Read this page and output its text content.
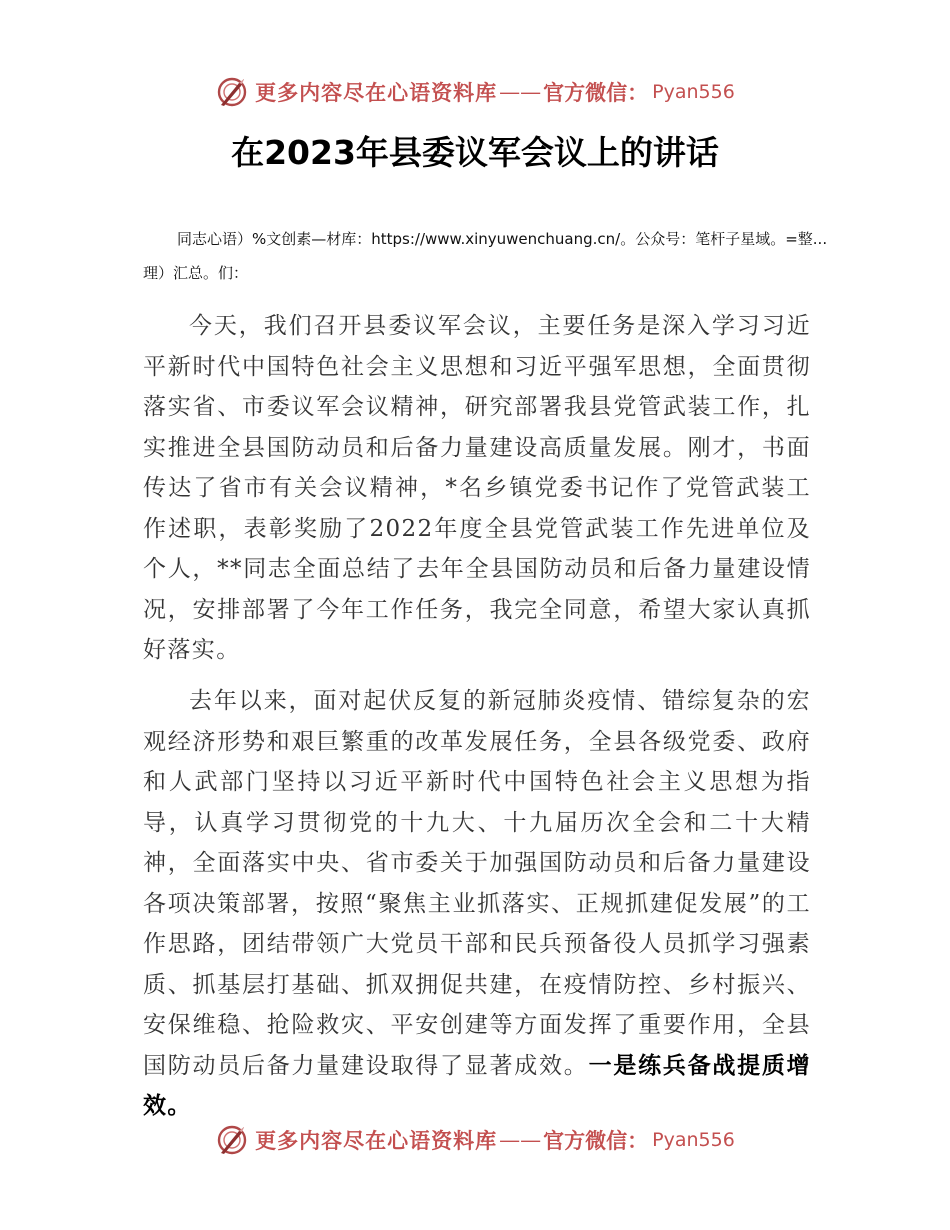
更多内容尽在心语资料库 —— 官方微信： Pyan556
在2023年县委议军会议上的讲话

同志心语）%文创素—材库：https://www.xinyuwenchuang.cn/。公众号：笔杆子星域。=整...理）汇总。们：

今天，我们召开县委议军会议，主要任务是深入学习习近平新时代中国特色社会主义思想和习近平强军思想，全面贯彻落实省、市委议军会议精神，研究部署我县党管武装工作，扎实推进全县国防动员和后备力量建设高质量发展。刚才，书面传达了省市有关会议精神，*名乡镇党委书记作了党管武装工作述职，表彰奖励了2022年度全县党管武装工作先进单位及个人，**同志全面总结了去年全县国防动员和后备力量建设情况，安排部署了今年工作任务，我完全同意，希望大家认真抓好落实。

去年以来，面对起伏反复的新冠肺炎疫情、错综复杂的宏观经济形势和艰巨繁重的改革发展任务，全县各级党委、政府和人武部门坚持以习近平新时代中国特色社会主义思想为指导，认真学习贯彻党的十九大、十九届历次全会和二十大精神，全面落实中央、省市委关于加强国防动员和后备力量建设各项决策部署，按照“聚焦主业抓落实、正规抓建促发展”的工作思路，团结带领广大党员干部和民兵预备役人员抓学习强素质、抓基层打基础、抓双拥促共建，在疫情防控、乡村振兴、安保维稳、抢险救灾、平安创建等方面发挥了重要作用，全县国防动员后备力量建设取得了显著成效。一是练兵备战提质增效。

更多内容尽在心语资料库 —— 官方微信： Pyan556
